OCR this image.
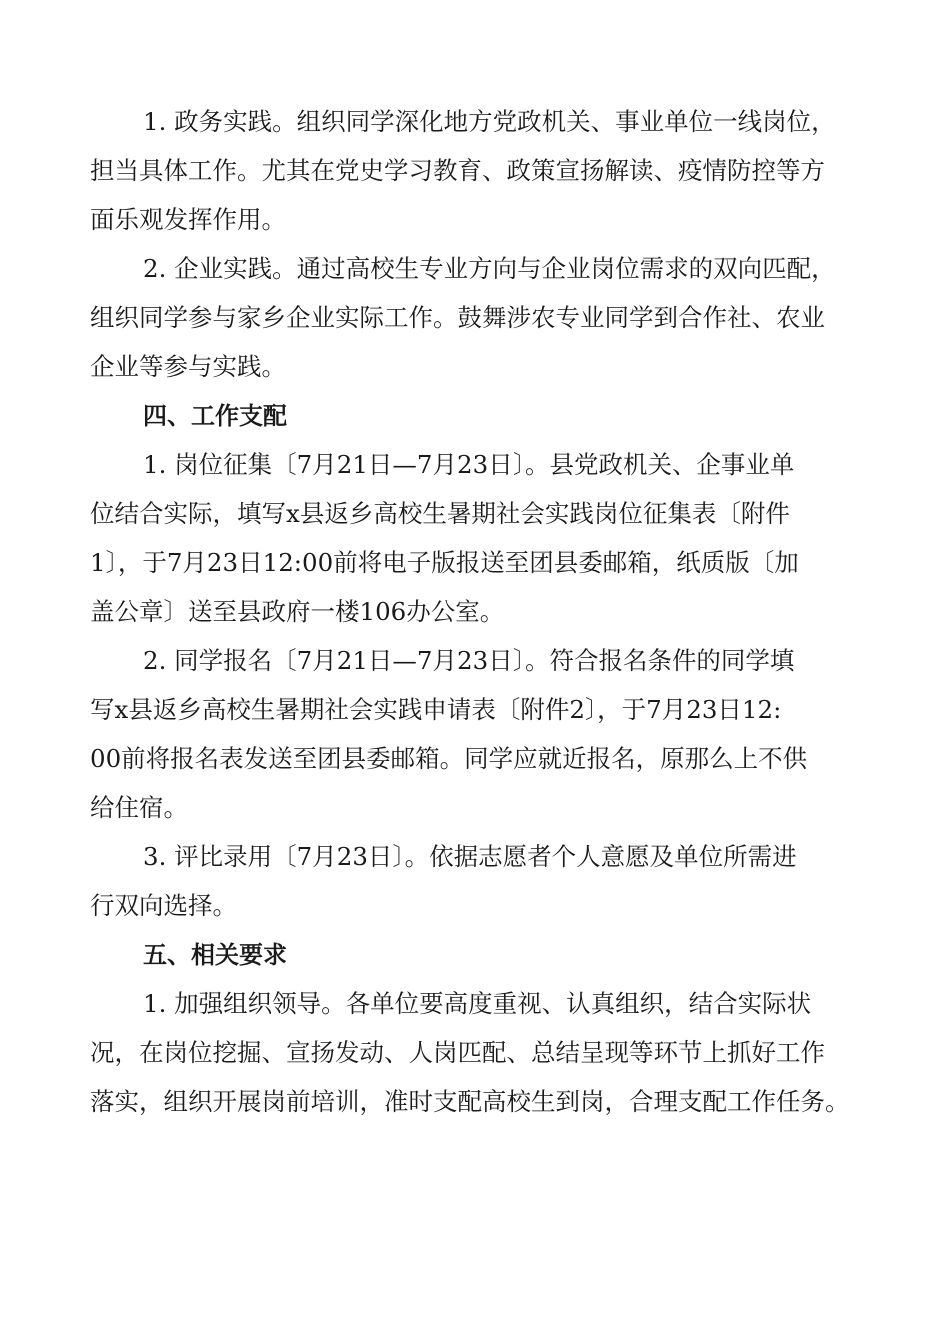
1. 政务实践。组织同学深化地方党政机关、事业单位一线岗位，
担当具体工作。尤其在党史学习教育、政策宣扬解读、疫情防控等方
面乐观发挥作用。
2. 企业实践。通过高校生专业方向与企业岗位需求的双向匹配，
组织同学参与家乡企业实际工作。鼓舞涉农专业同学到合作社、农业
企业等参与实践。
四、工作支配
1. 岗位征集〔7月21日—7月23日〕。县党政机关、企事业单
位结合实际，填写x县返乡高校生暑期社会实践岗位征集表〔附件
1〕，于7月23日12:00前将电子版报送至团县委邮箱，纸质版〔加
盖公章〕送至县政府一楼106办公室。
2. 同学报名〔7月21日—7月23日〕。符合报名条件的同学填
写x县返乡高校生暑期社会实践申请表〔附件2〕，于7月23日12:
00前将报名表发送至团县委邮箱。同学应就近报名，原那么上不供
给住宿。
3. 评比录用〔7月23日〕。依据志愿者个人意愿及单位所需进
行双向选择。
五、相关要求
1. 加强组织领导。各单位要高度重视、认真组织，结合实际状
况，在岗位挖掘、宣扬发动、人岗匹配、总结呈现等环节上抓好工作
落实，组织开展岗前培训，准时支配高校生到岗，合理支配工作任务。
